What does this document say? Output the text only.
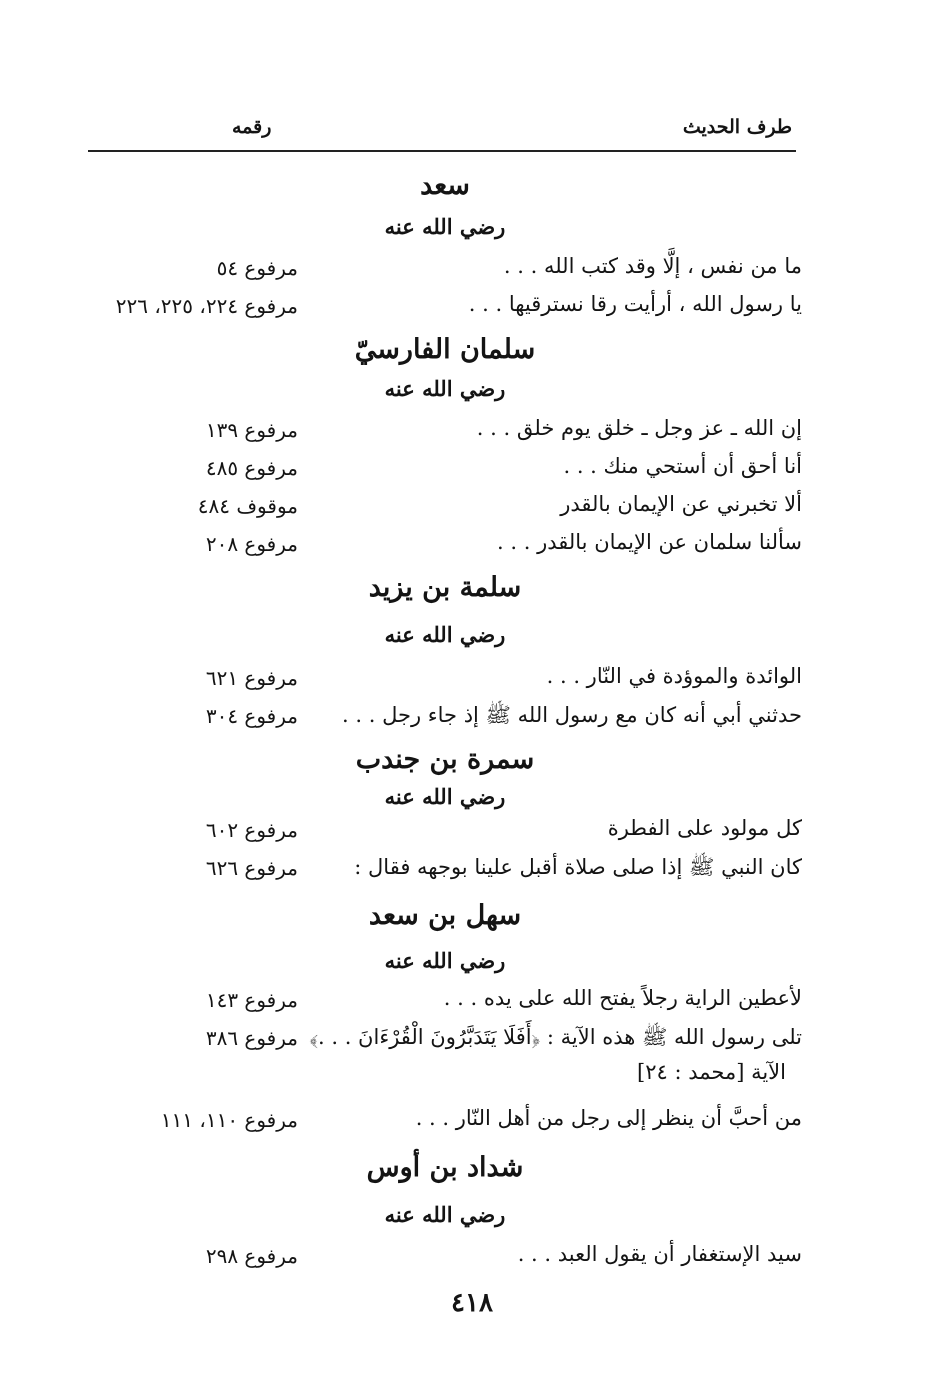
طرف الحديث
رقمه
سعد
رضي الله عنه
ما من نفس ، إلَّا وقد كتب الله . . .
مرفوع ٥٤
يا رسول الله ، أرأيت رقا نسترقيها . . .
مرفوع ٢٢٤، ٢٢٥، ٢٢٦
سلمان الفارسيّ
رضي الله عنه
إن الله ـ عز وجل ـ خلق يوم خلق . . .
مرفوع ١٣٩
أنا أحق أن أستحي منك . . .
مرفوع ٤٨٥
ألا تخبرني عن الإيمان بالقدر
موقوف ٤٨٤
سألنا سلمان عن الإيمان بالقدر . . .
مرفوع ٢٠٨
سلمة بن يزيد
رضي الله عنه
الوائدة والموؤدة في النّار . . .
مرفوع ٦٢١
حدثني أبي أنه كان مع رسول الله ﷺ إذ جاء رجل . . .
مرفوع ٣٠٤
سمرة بن جندب
رضي الله عنه
كل مولود على الفطرة
مرفوع ٦٠٢
كان النبي ﷺ إذا صلى صلاة أقبل علينا بوجهه فقال :
مرفوع ٦٢٦
سهل بن سعد
رضي الله عنه
لأعطين الراية رجلاً يفتح الله على يده . . .
مرفوع ١٤٣
تلى رسول الله ﷺ هذه الآية : ﴿أَفَلَا يَتَدَبَّرُونَ الْقُرْءَانَ . . .﴾
مرفوع ٣٨٦
الآية [محمد : ٢٤]
من أحبَّ أن ينظر إلى رجل من أهل النّار . . .
مرفوع ١١٠، ١١١
شداد بن أوس
رضي الله عنه
سيد الإستغفار أن يقول العبد . . .
مرفوع ٢٩٨
٤١٨
